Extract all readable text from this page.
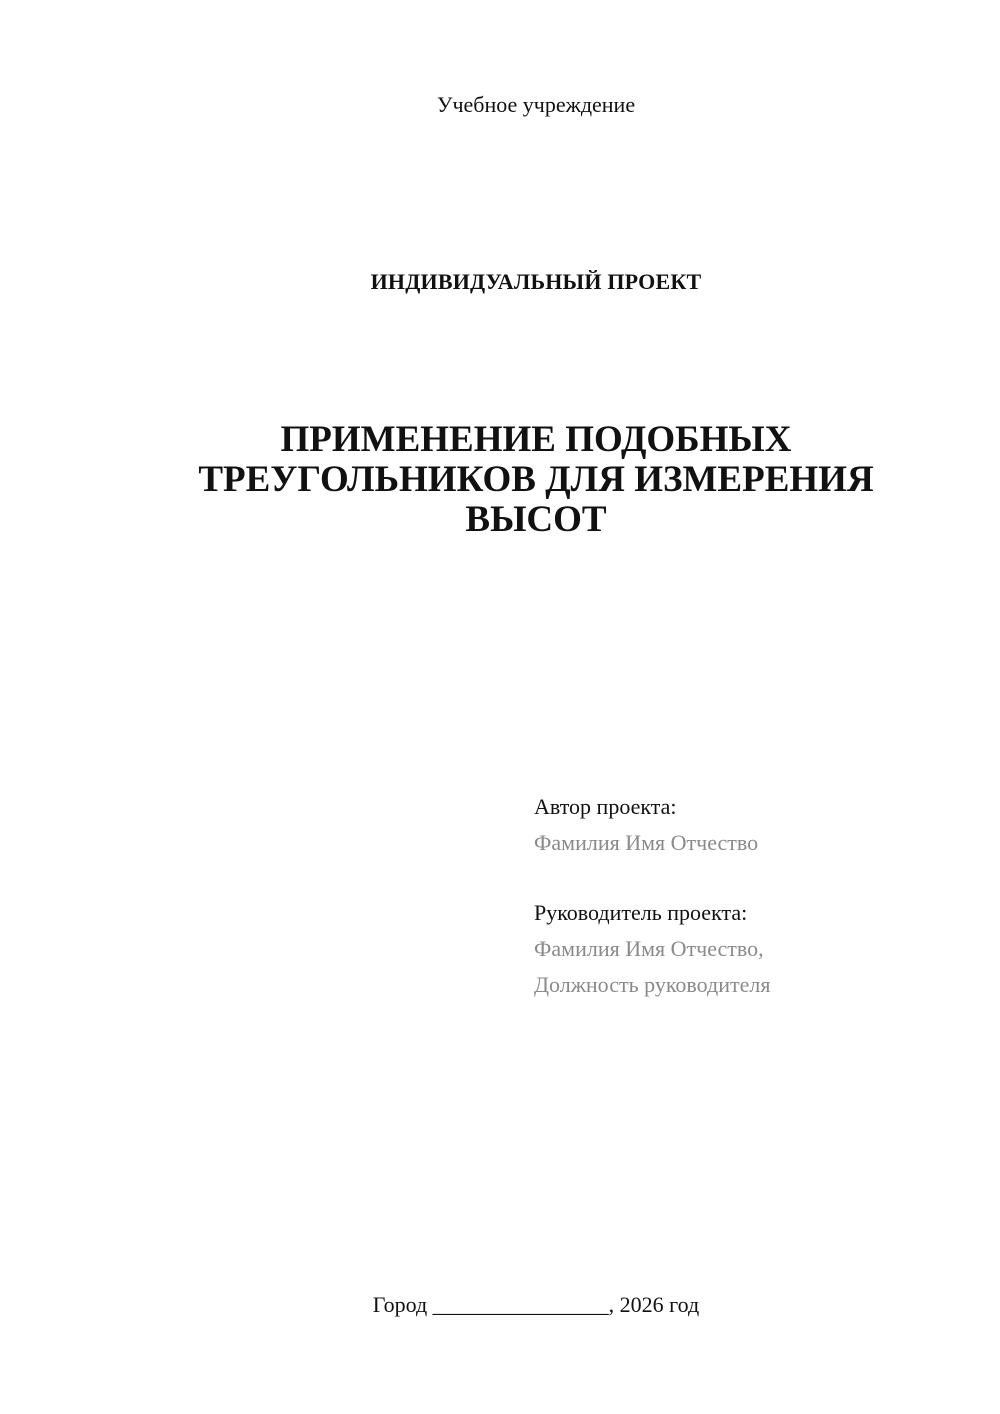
Учебное учреждение
ИНДИВИДУАЛЬНЫЙ ПРОЕКТ
ПРИМЕНЕНИЕ ПОДОБНЫХ
ТРЕУГОЛЬНИКОВ ДЛЯ ИЗМЕРЕНИЯ
ВЫСОТ
Автор проекта:
Фамилия Имя Отчество
Руководитель проекта:
Фамилия Имя Отчество,
Должность руководителя
Город ________________, 2026 год
